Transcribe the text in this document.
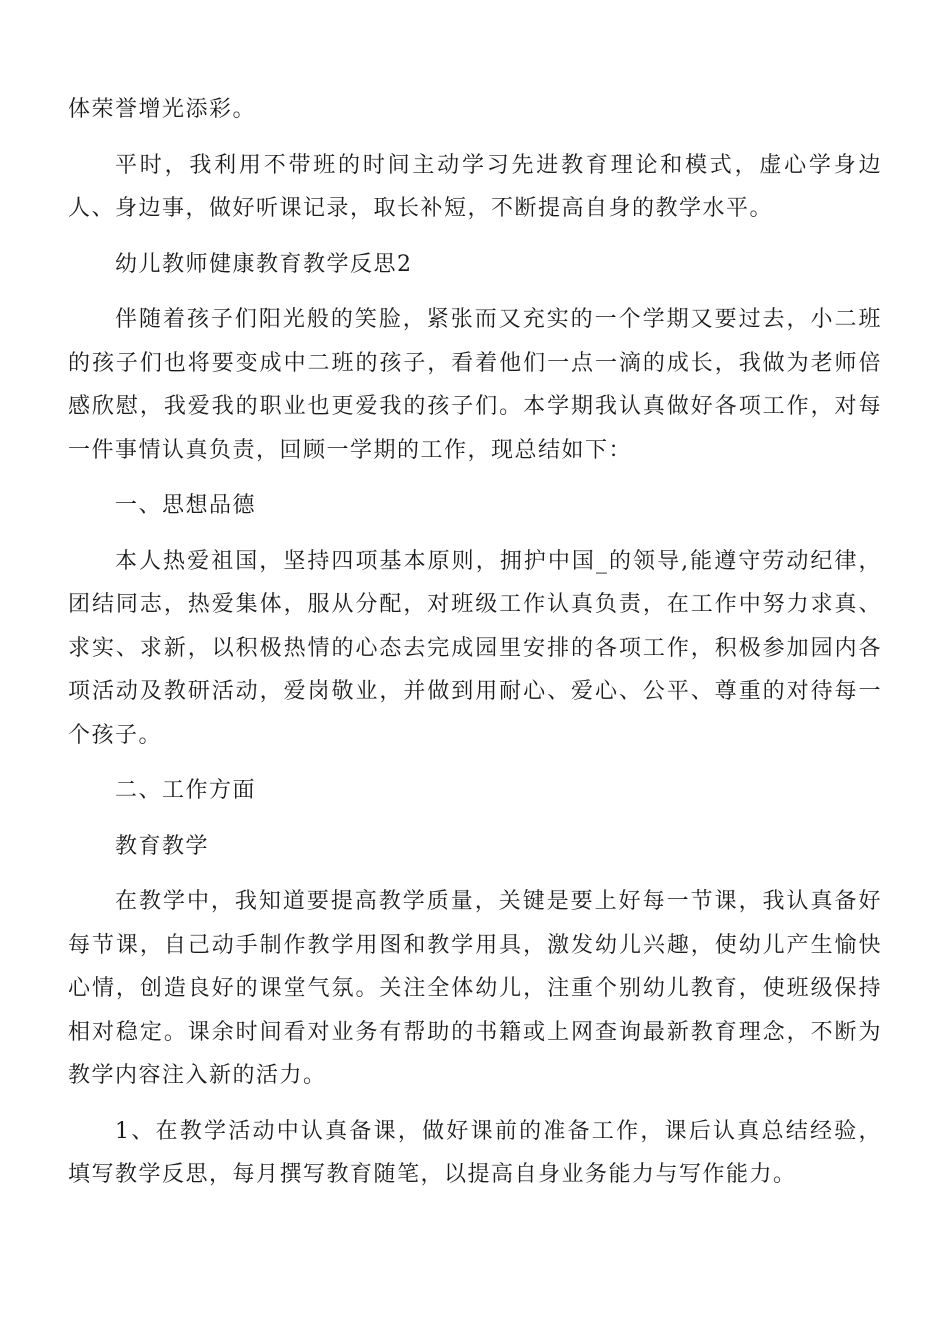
体荣誉增光添彩。

平时，我利用不带班的时间主动学习先进教育理论和模式，虚心学身边人、身边事，做好听课记录，取长补短，不断提高自身的教学水平。

幼儿教师健康教育教学反思2

伴随着孩子们阳光般的笑脸，紧张而又充实的一个学期又要过去，小二班的孩子们也将要变成中二班的孩子，看着他们一点一滴的成长，我做为老师倍感欣慰，我爱我的职业也更爱我的孩子们。本学期我认真做好各项工作，对每一件事情认真负责，回顾一学期的工作，现总结如下：

一、思想品德

本人热爱祖国，坚持四项基本原则，拥护中国_的领导,能遵守劳动纪律，团结同志，热爱集体，服从分配，对班级工作认真负责，在工作中努力求真、求实、求新，以积极热情的心态去完成园里安排的各项工作，积极参加园内各项活动及教研活动，爱岗敬业，并做到用耐心、爱心、公平、尊重的对待每一个孩子。

二、工作方面

教育教学

在教学中，我知道要提高教学质量，关键是要上好每一节课，我认真备好每节课，自己动手制作教学用图和教学用具，激发幼儿兴趣，使幼儿产生愉快心情，创造良好的课堂气氛。关注全体幼儿，注重个别幼儿教育，使班级保持相对稳定。课余时间看对业务有帮助的书籍或上网查询最新教育理念，不断为教学内容注入新的活力。

1、在教学活动中认真备课，做好课前的准备工作，课后认真总结经验，填写教学反思，每月撰写教育随笔，以提高自身业务能力与写作能力。
